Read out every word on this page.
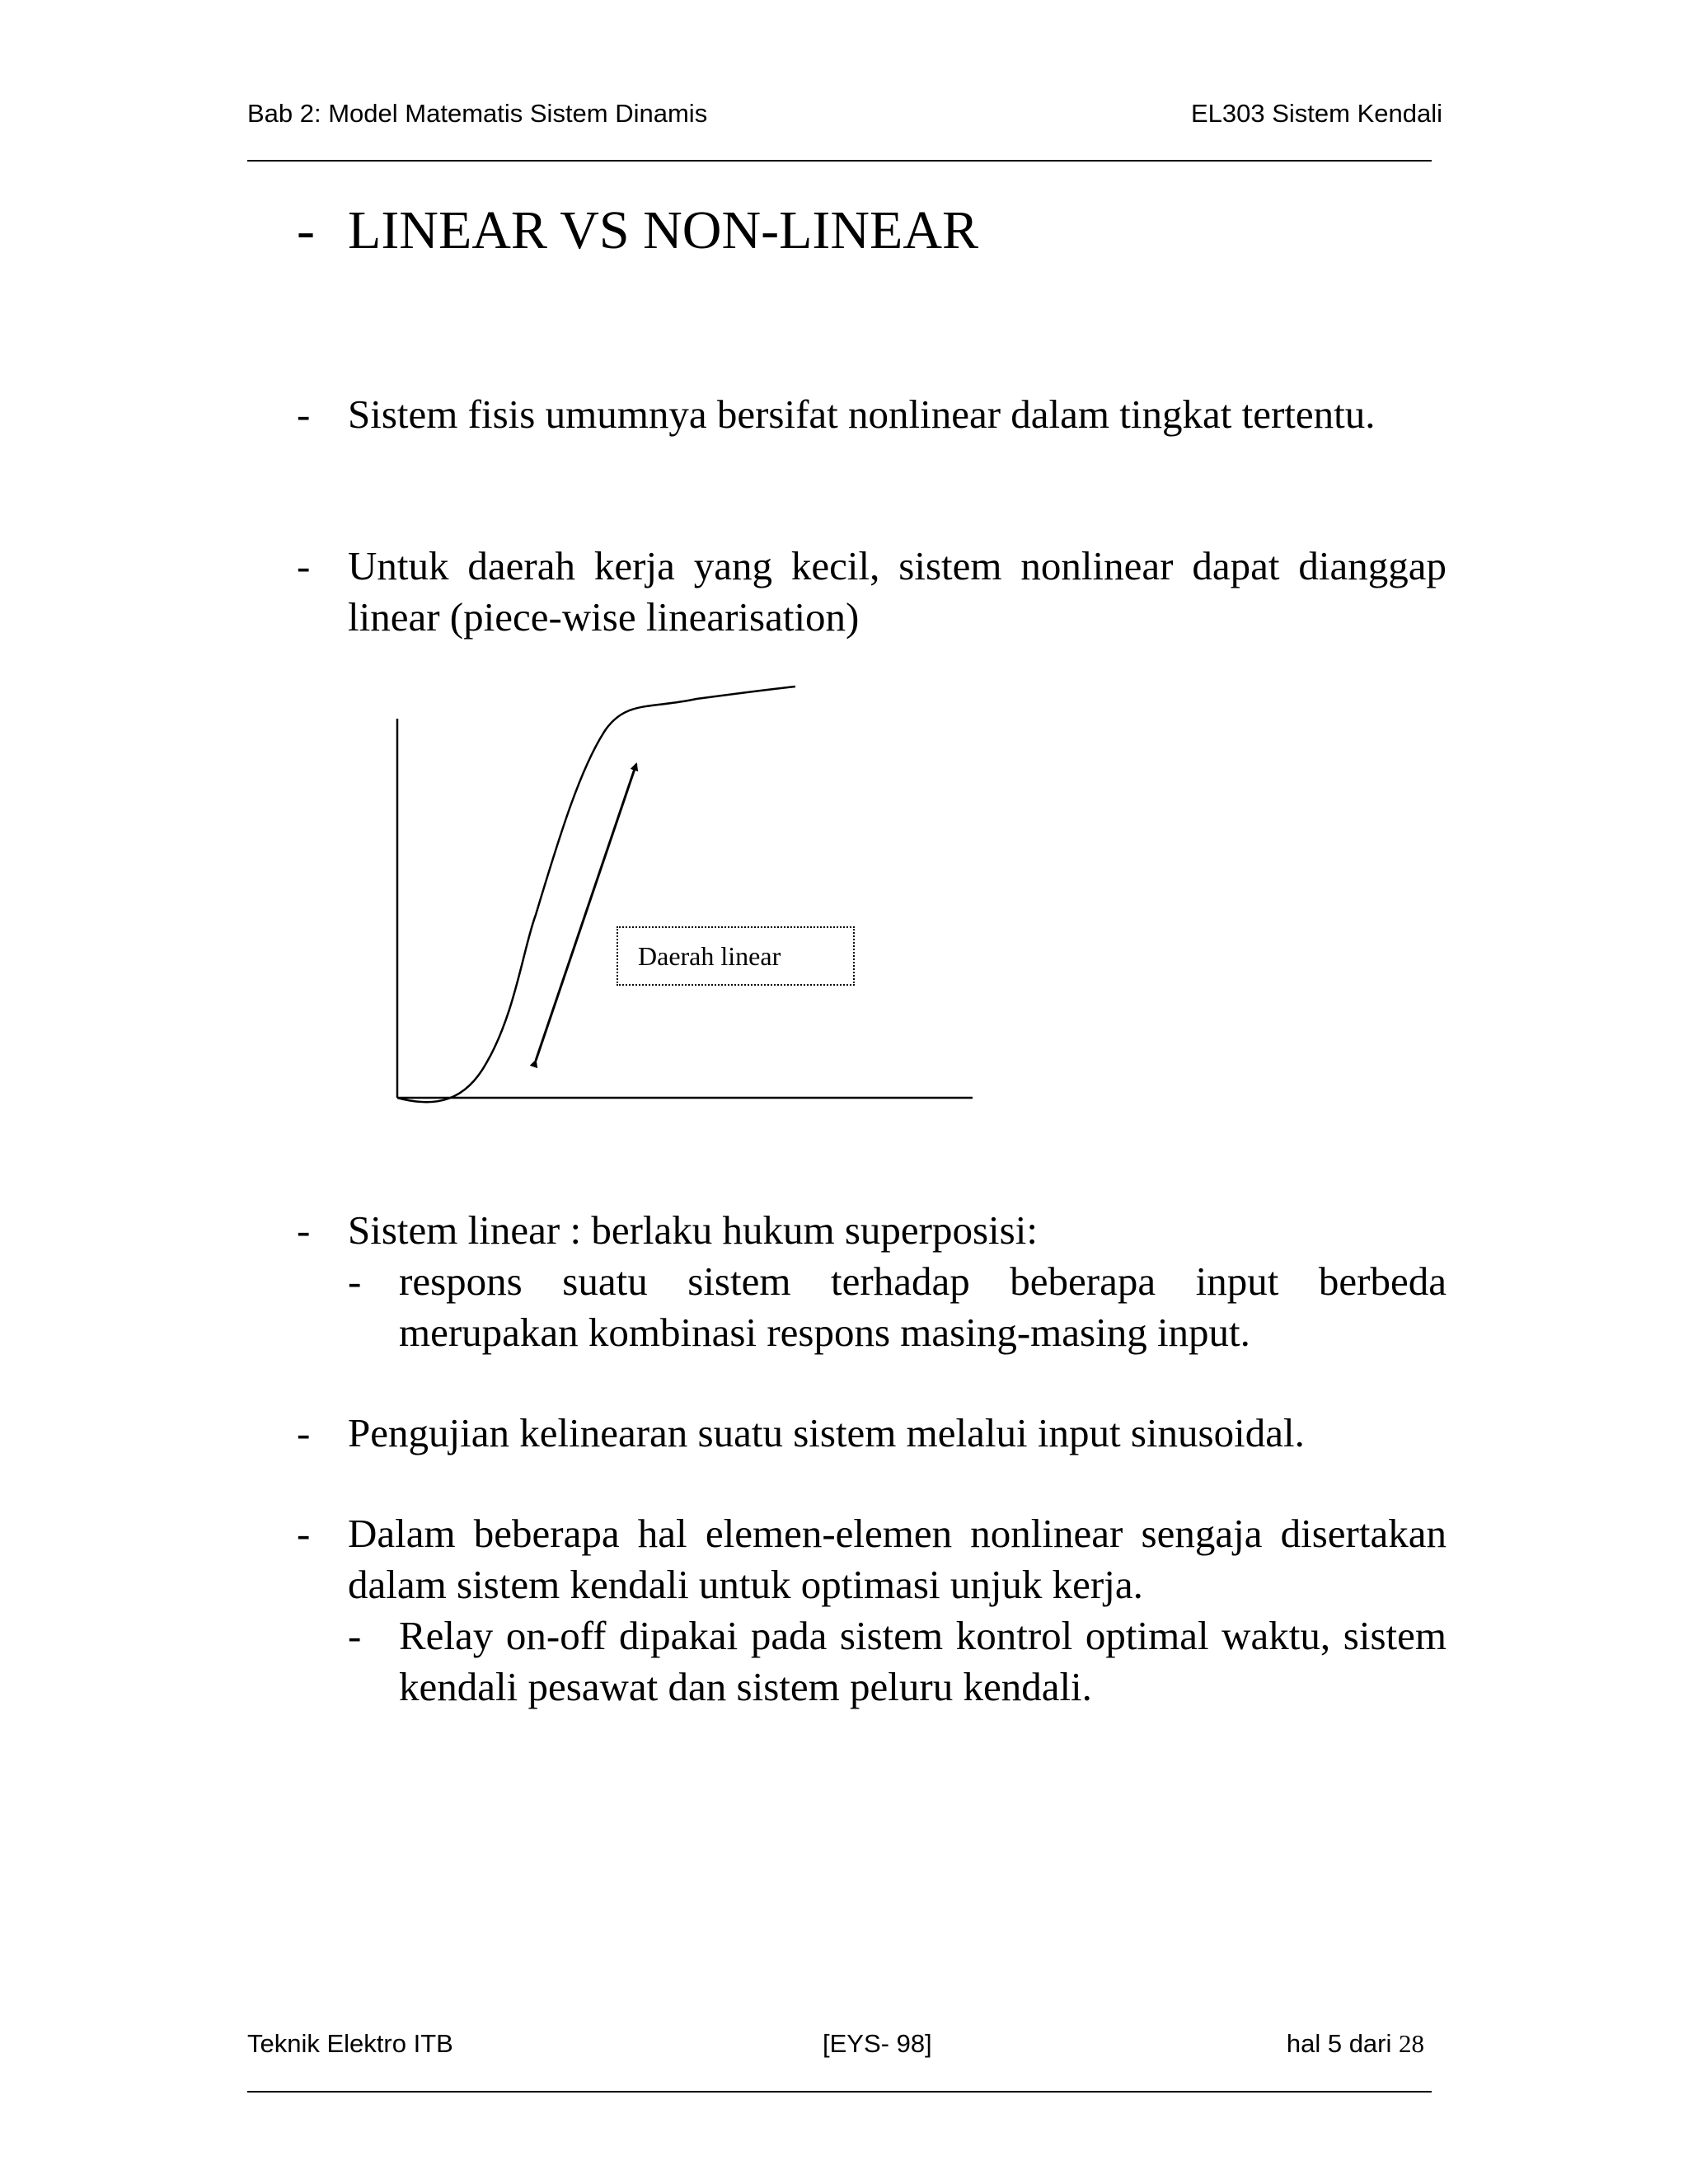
Bab 2: Model Matematis Sistem Dinamis	EL303 Sistem Kendali
- LINEAR VS NON-LINEAR
- Sistem fisis umumnya bersifat nonlinear dalam tingkat tertentu.
- Untuk daerah kerja yang kecil, sistem nonlinear dapat dianggap linear (piece-wise linearisation)
Daerah linear
- Sistem linear : berlaku hukum superposisi:
- respons suatu sistem terhadap beberapa input berbeda merupakan kombinasi respons masing-masing input.
- Pengujian kelinearan suatu sistem melalui input sinusoidal.
- Dalam beberapa hal elemen-elemen nonlinear sengaja disertakan dalam sistem kendali untuk optimasi unjuk kerja.
- Relay on-off dipakai pada sistem kontrol optimal waktu, sistem kendali pesawat dan sistem peluru kendali.
Teknik Elektro ITB	[EYS- 98]	hal 5 dari 28
